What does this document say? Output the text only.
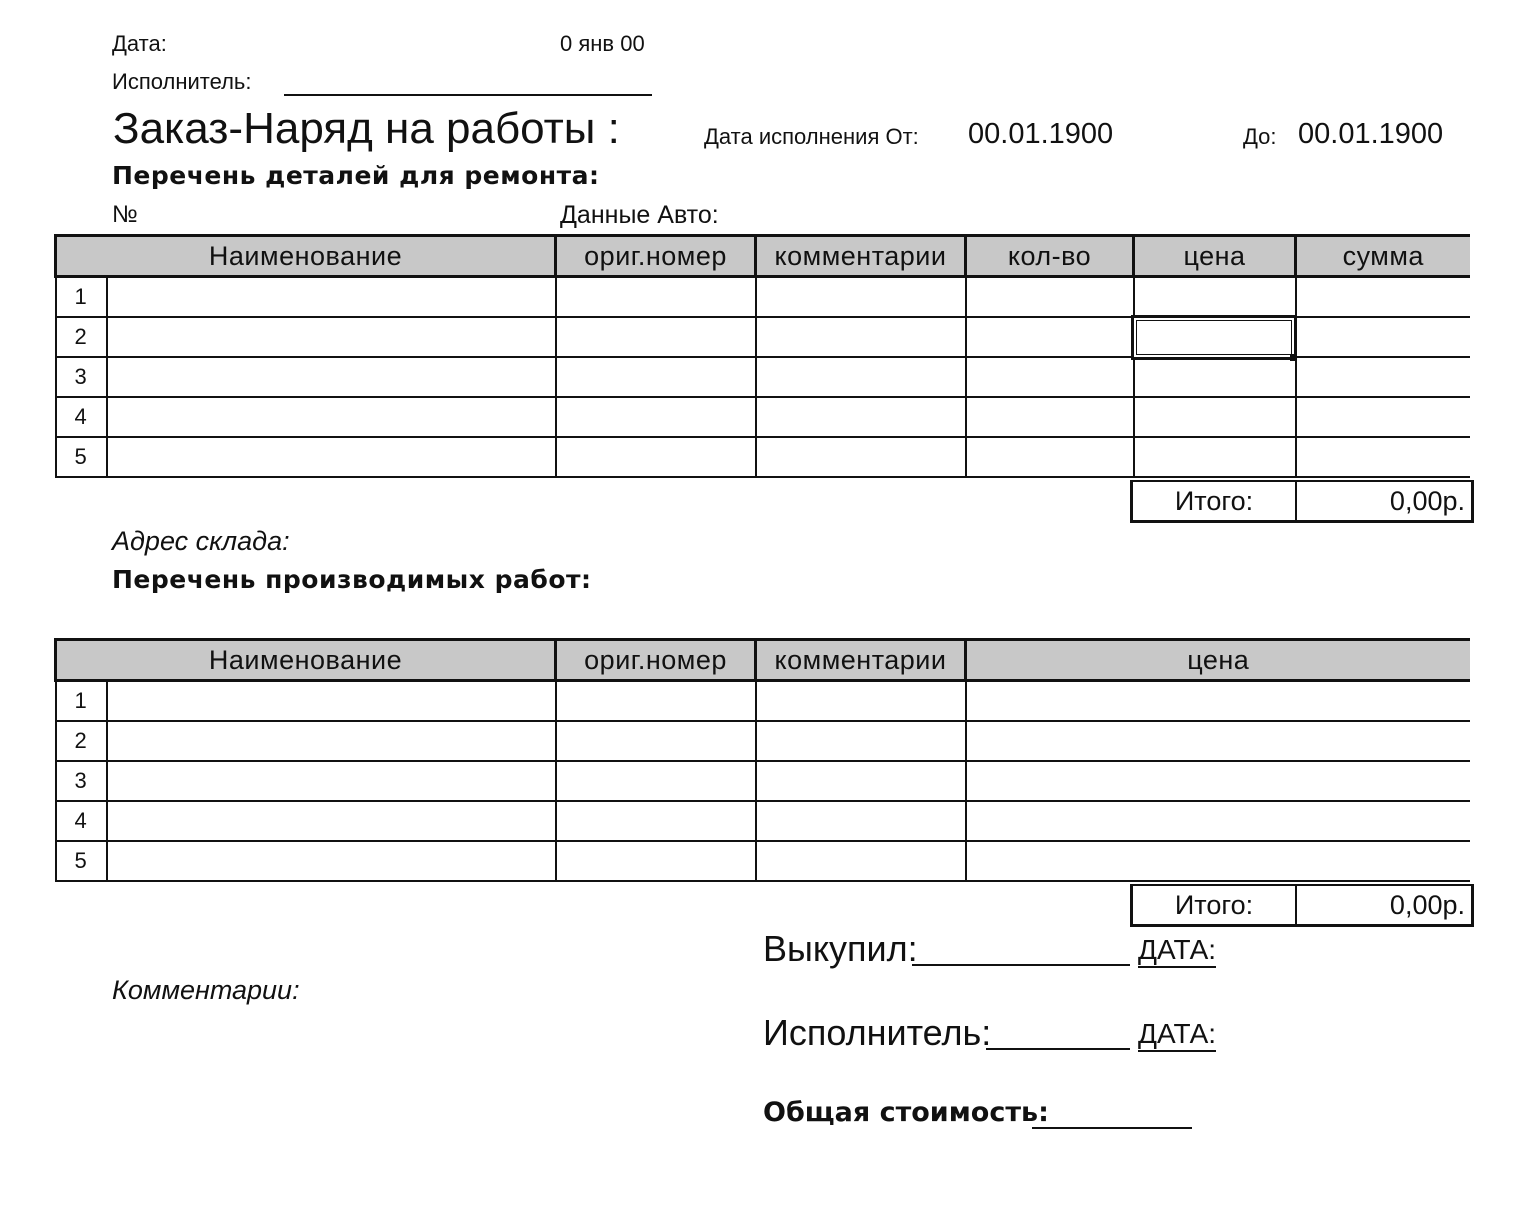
Дата:	0 янв 00
Исполнитель:
Заказ-Наряд на работы :	Дата исполнения От: 00.01.1900	До: 00.01.1900
Перечень деталей для ремонта:
№	Данные Авто:
Наименование		ориг.номер	комментарии	кол-во	цена	сумма
1						
2						
3						
4						
5						
Итого:	0,00р.
Адрес склада:
Перечень производимых работ:
Наименование		ориг.номер	комментарии	цена
1				
2				
3				
4				
5				
Итого:	0,00р.
Комментарии:
Выкупил:	ДАТА:
Исполнитель:	ДАТА:
Общая стоимость:
